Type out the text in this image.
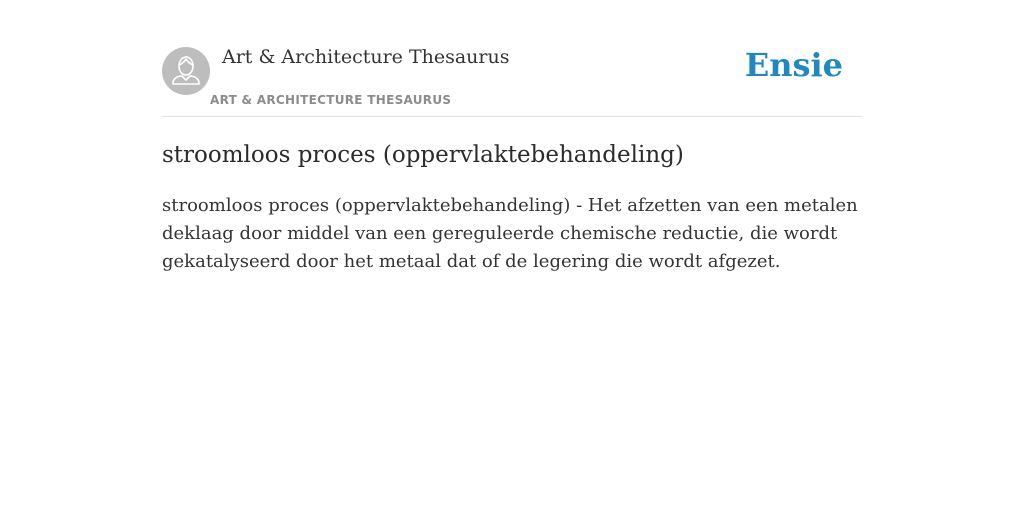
Art & Architecture Thesaurus
ART & ARCHITECTURE THESAURUS
Ensie
stroomloos proces (oppervlaktebehandeling)

stroomloos proces (oppervlaktebehandeling) - Het afzetten van een metalen deklaag door middel van een gereguleerde chemische reductie, die wordt gekatalyseerd door het metaal dat of de legering die wordt afgezet.
